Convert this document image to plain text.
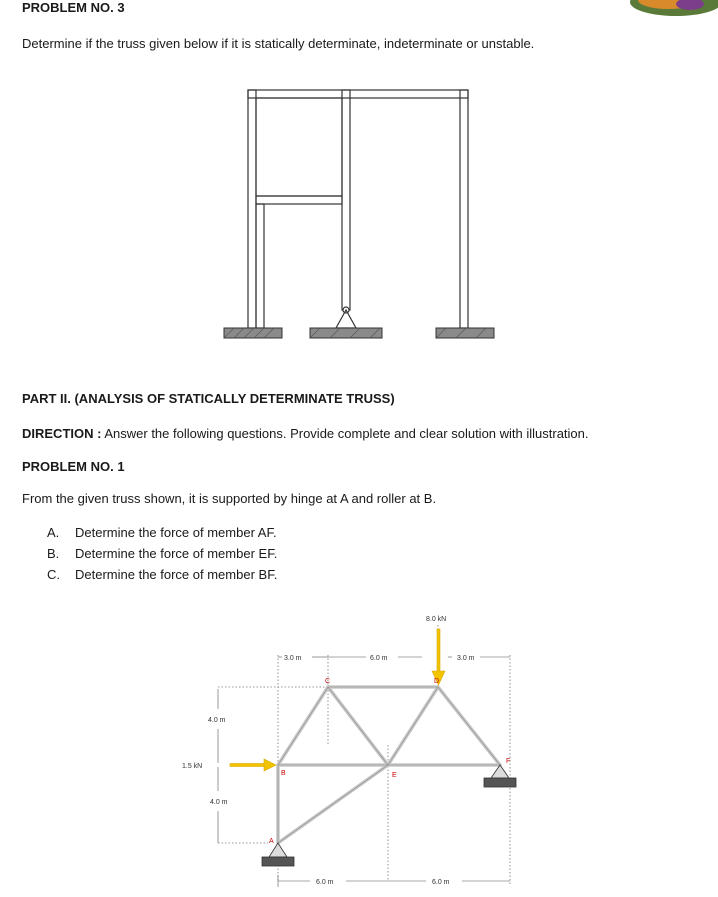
PROBLEM NO. 3
Determine if the truss given below if it is statically determinate, indeterminate or unstable.
PART II. (ANALYSIS OF STATICALLY DETERMINATE TRUSS)
DIRECTION : Answer the following questions. Provide complete and clear solution with illustration.
PROBLEM NO. 1
From the given truss shown, it is supported by hinge at A and roller at B.
A. Determine the force of member AF.
B. Determine the force of member EF.
C. Determine the force of member BF.
A
B
C	D
E
F
8.0 kN
1.5 kN
3.0 m	6.0 m	3.0 m
4.0 m
4.0 m
6.0 m	6.0 m
